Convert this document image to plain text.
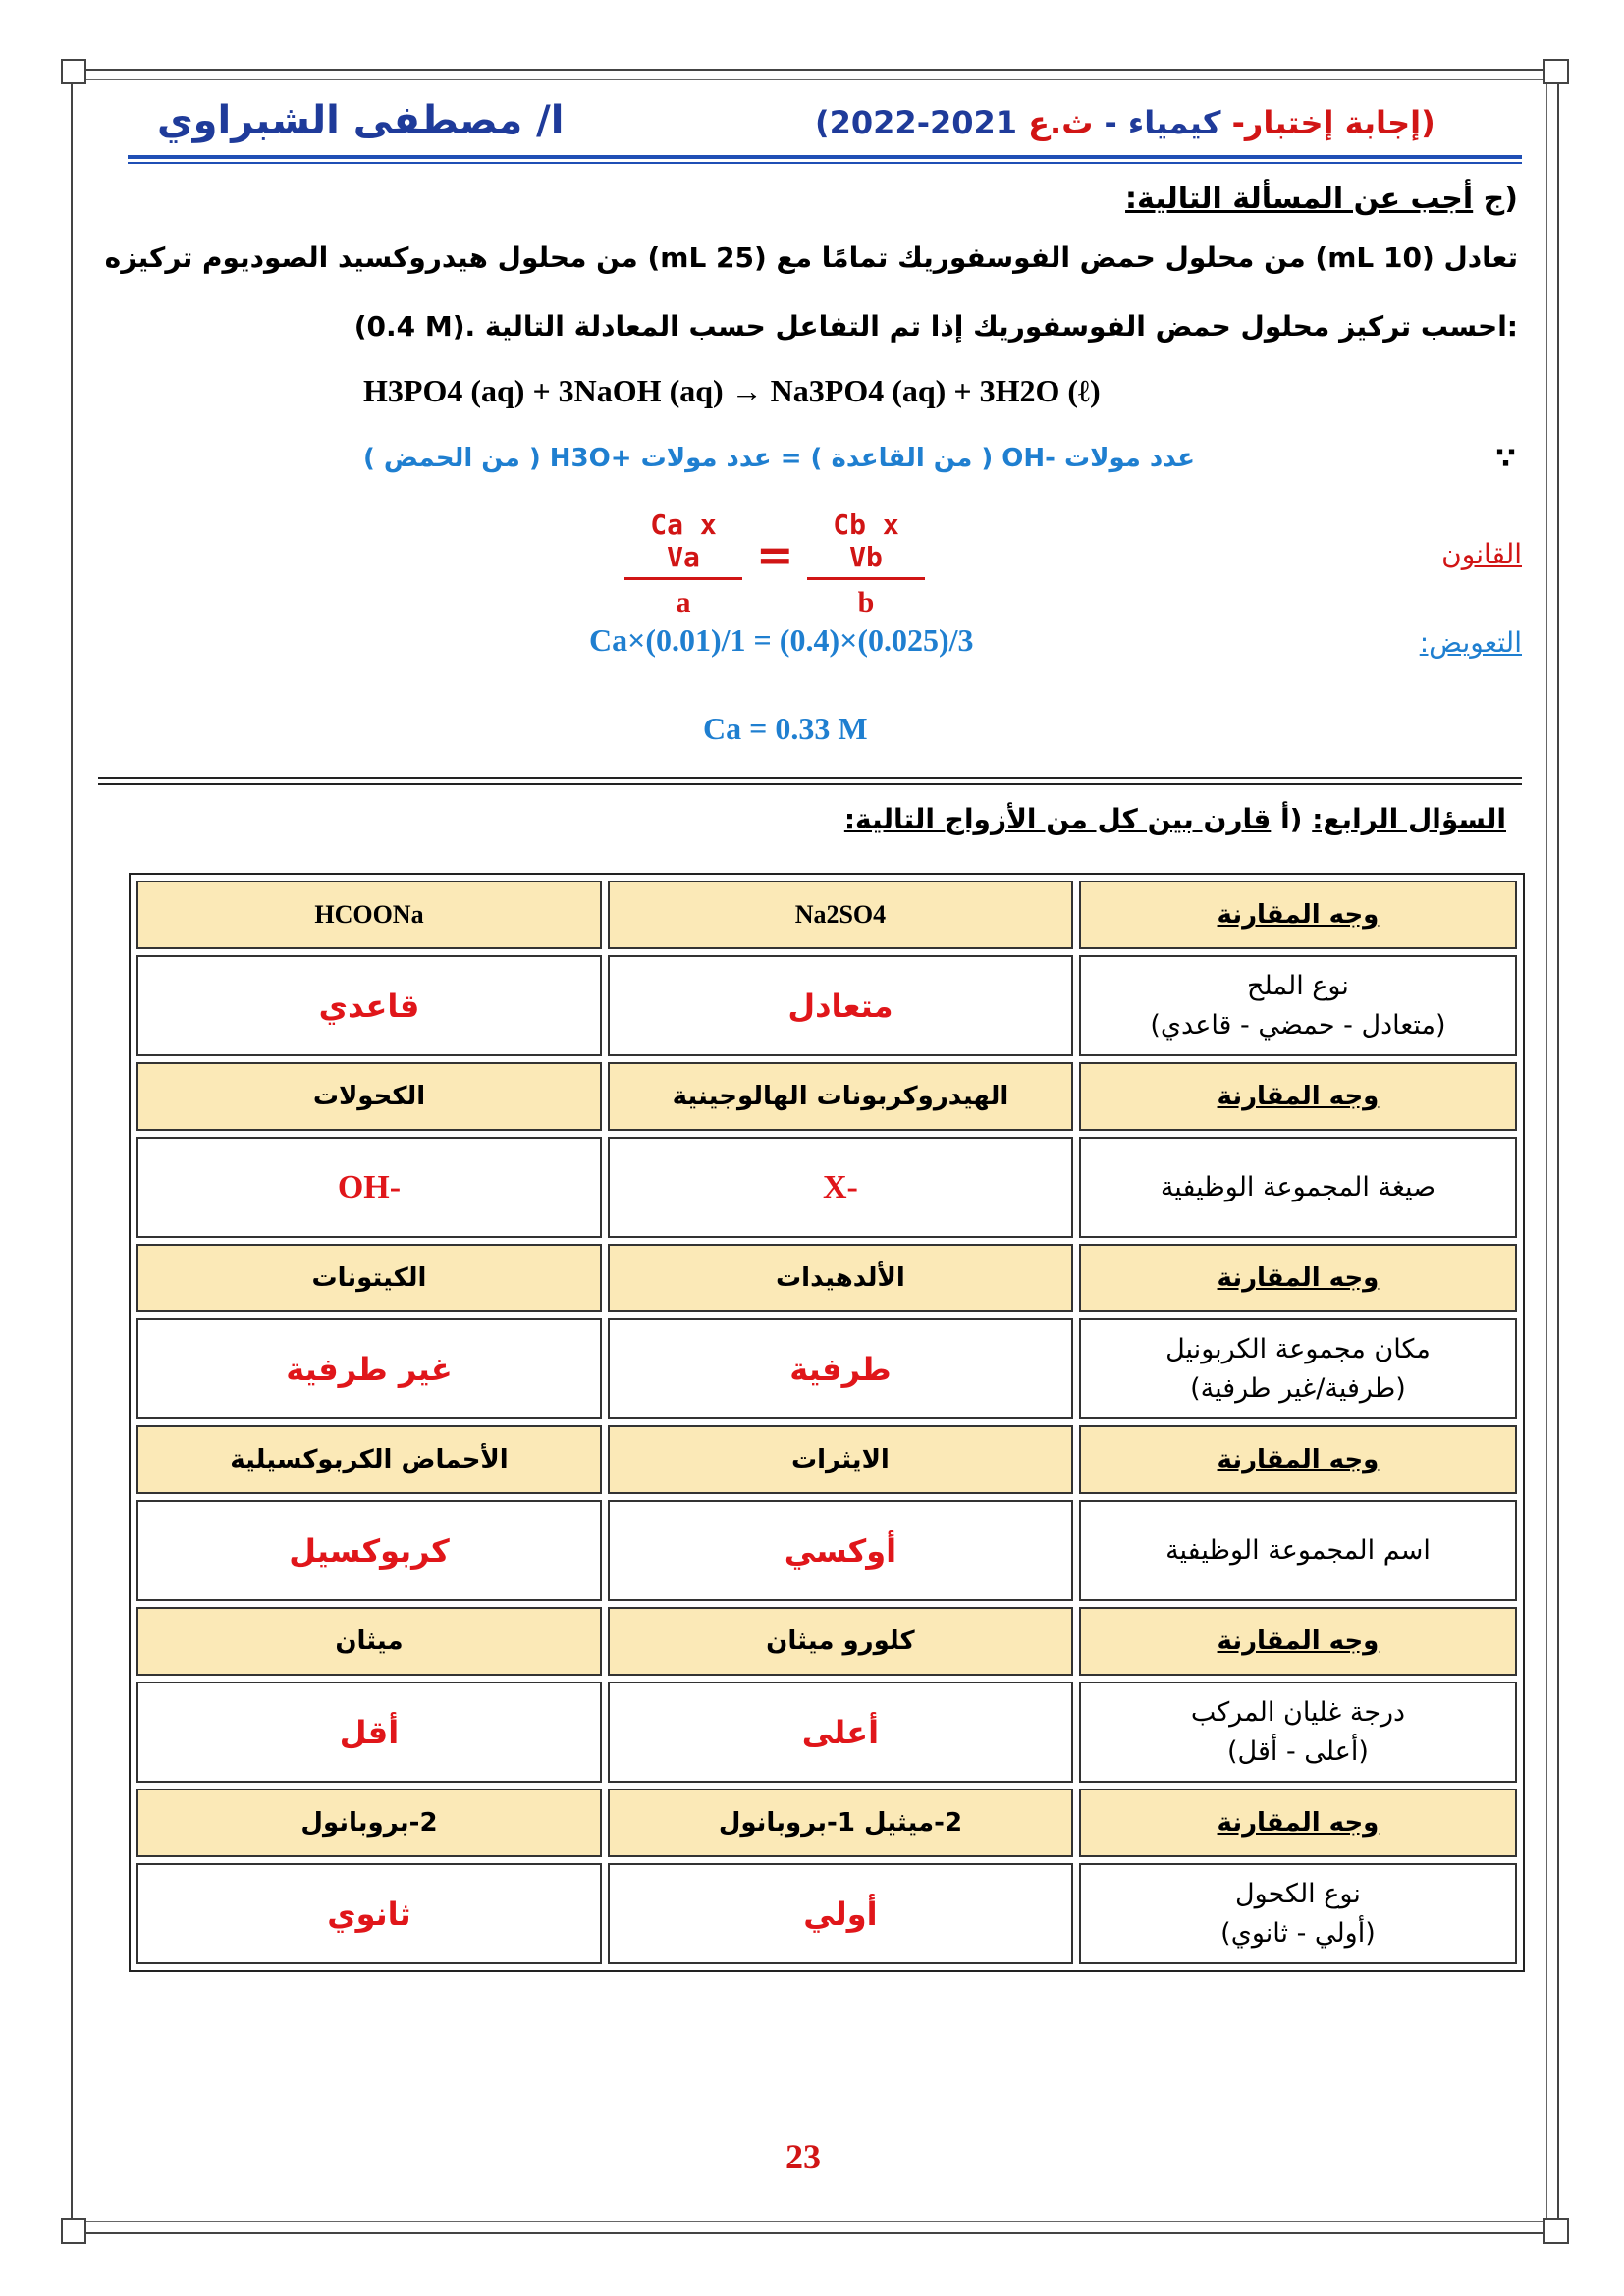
ا/ مصطفى الشبراوي	(إجابة إختبار- كيمياء - ث.ع 2021-2022)
(ج أجب عن المسألة التالية:
تعادل (10 mL) من محلول حمض الفوسفوريك تمامًا مع (25 mL) من محلول هيدروكسيد الصوديوم تركيزه
(0.4 M). احسب تركيز محلول حمض الفوسفوريك إذا تم التفاعل حسب المعادلة التالية:
H3PO4 (aq) + 3NaOH (aq) → Na3PO4 (aq) + 3H2O (ℓ)
∵
عدد مولات -OH ( من القاعدة ) = عدد مولات +H3O ( من الحمض )
القانون
$\frac{\text{Ca x Va}}{a} = \frac{\text{Cb x Vb}}{b}$
التعويض:
Ca×(0.01)/1 = (0.4)×(0.025)/3
Ca = 0.33 M
السؤال الرابع: (أ قارن بين كل من الأزواج التالية:
HCOONa	Na2SO4	وجه المقارنة
قاعدي	متعادل	نوع الملح
(متعادل - حمضي - قاعدي)
الكحولات	الهيدروكربونات الهالوجينية	وجه المقارنة
-OH	-X	صيغة المجموعة الوظيفية
الكيتونات	الألدهيدات	وجه المقارنة
غير طرفية	طرفية	مكان مجموعة الكربونيل
(طرفية/غير طرفية)
الأحماض الكربوكسيلية	الايثرات	وجه المقارنة
كربوكسيل	أوكسي	اسم المجموعة الوظيفية
ميثان	كلورو ميثان	وجه المقارنة
أقل	أعلى	درجة غليان المركب
(أعلى - أقل)
2-بروبانول	2-ميثيل 1-بروبانول	وجه المقارنة
ثانوي	أولي	نوع الكحول
(أولي - ثانوي)
23
